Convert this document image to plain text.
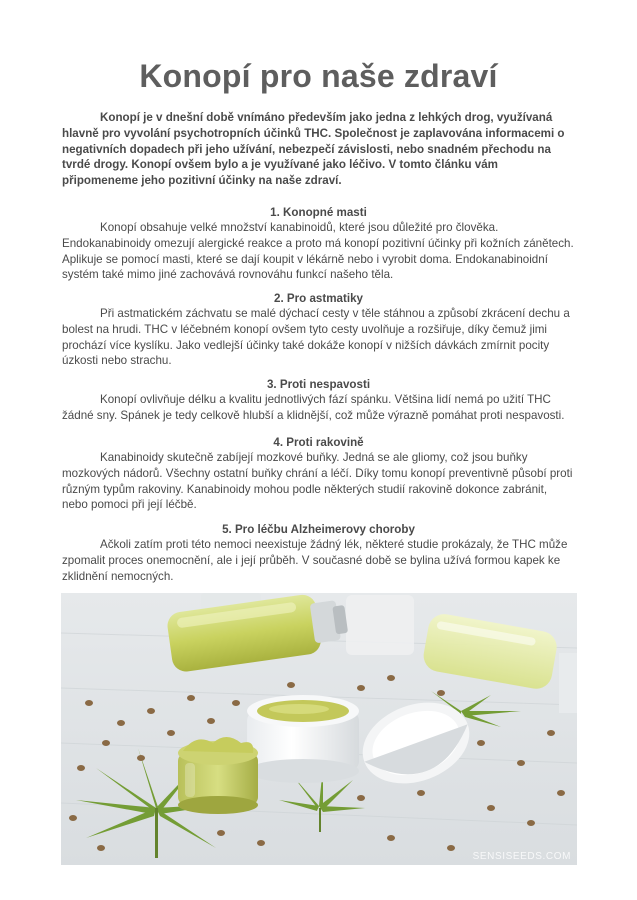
Konopí pro naše zdraví
Konopí je v dnešní době vnímáno především jako jedna z lehkých drog, využívaná hlavně pro vyvolání psychotropních účinků THC. Společnost je zaplavována informacemi o negativních dopadech při jeho užívání, nebezpečí závislosti, nebo snadném přechodu na tvrdé drogy. Konopí ovšem bylo a je využívané jako léčivo. V tomto článku vám připomeneme jeho pozitivní účinky na naše zdraví.
1. Konopné masti
Konopí obsahuje velké množství kanabinoidů, které jsou důležité pro člověka. Endokanabinoidy omezují alergické reakce a proto má konopí pozitivní účinky při kožních zánětech. Aplikuje se pomocí masti, které se dají koupit v lékárně nebo i vyrobit doma. Endokanabinoidní systém také mimo jiné zachovává rovnováhu funkcí našeho těla.
2. Pro astmatiky
Při astmatickém záchvatu se malé dýchací cesty v těle stáhnou a způsobí zkrácení dechu a bolest na hrudi. THC v léčebném konopí ovšem tyto cesty uvolňuje a rozšiřuje, díky čemuž jimi prochází více kyslíku. Jako vedlejší účinky také dokáže konopí v nižších dávkách zmírnit pocity úzkosti nebo strachu.
3. Proti nespavosti
Konopí ovlivňuje délku a kvalitu jednotlivých fází spánku. Většina lidí nemá po užití THC žádné sny. Spánek je tedy celkově hlubší a klidnější, což může výrazně pomáhat proti nespavosti.
4. Proti rakovině
Kanabinoidy skutečně zabíjejí mozkové buňky. Jedná se ale gliomy, což jsou buňky mozkových nádorů. Všechny ostatní buňky chrání a léčí. Díky tomu konopí preventivně působí proti různým typům rakoviny. Kanabinoidy mohou podle některých studií rakovině dokonce zabránit, nebo pomoci při její léčbě.
5. Pro léčbu Alzheimerovy choroby
Ačkoli zatím proti této nemoci neexistuje žádný lék, některé studie prokázaly, že THC může zpomalit proces onemocnění, ale i její průběh. V současné době se bylina užívá formou kapek ke zklidnění nemocných.
SENSISEEDS.COM
